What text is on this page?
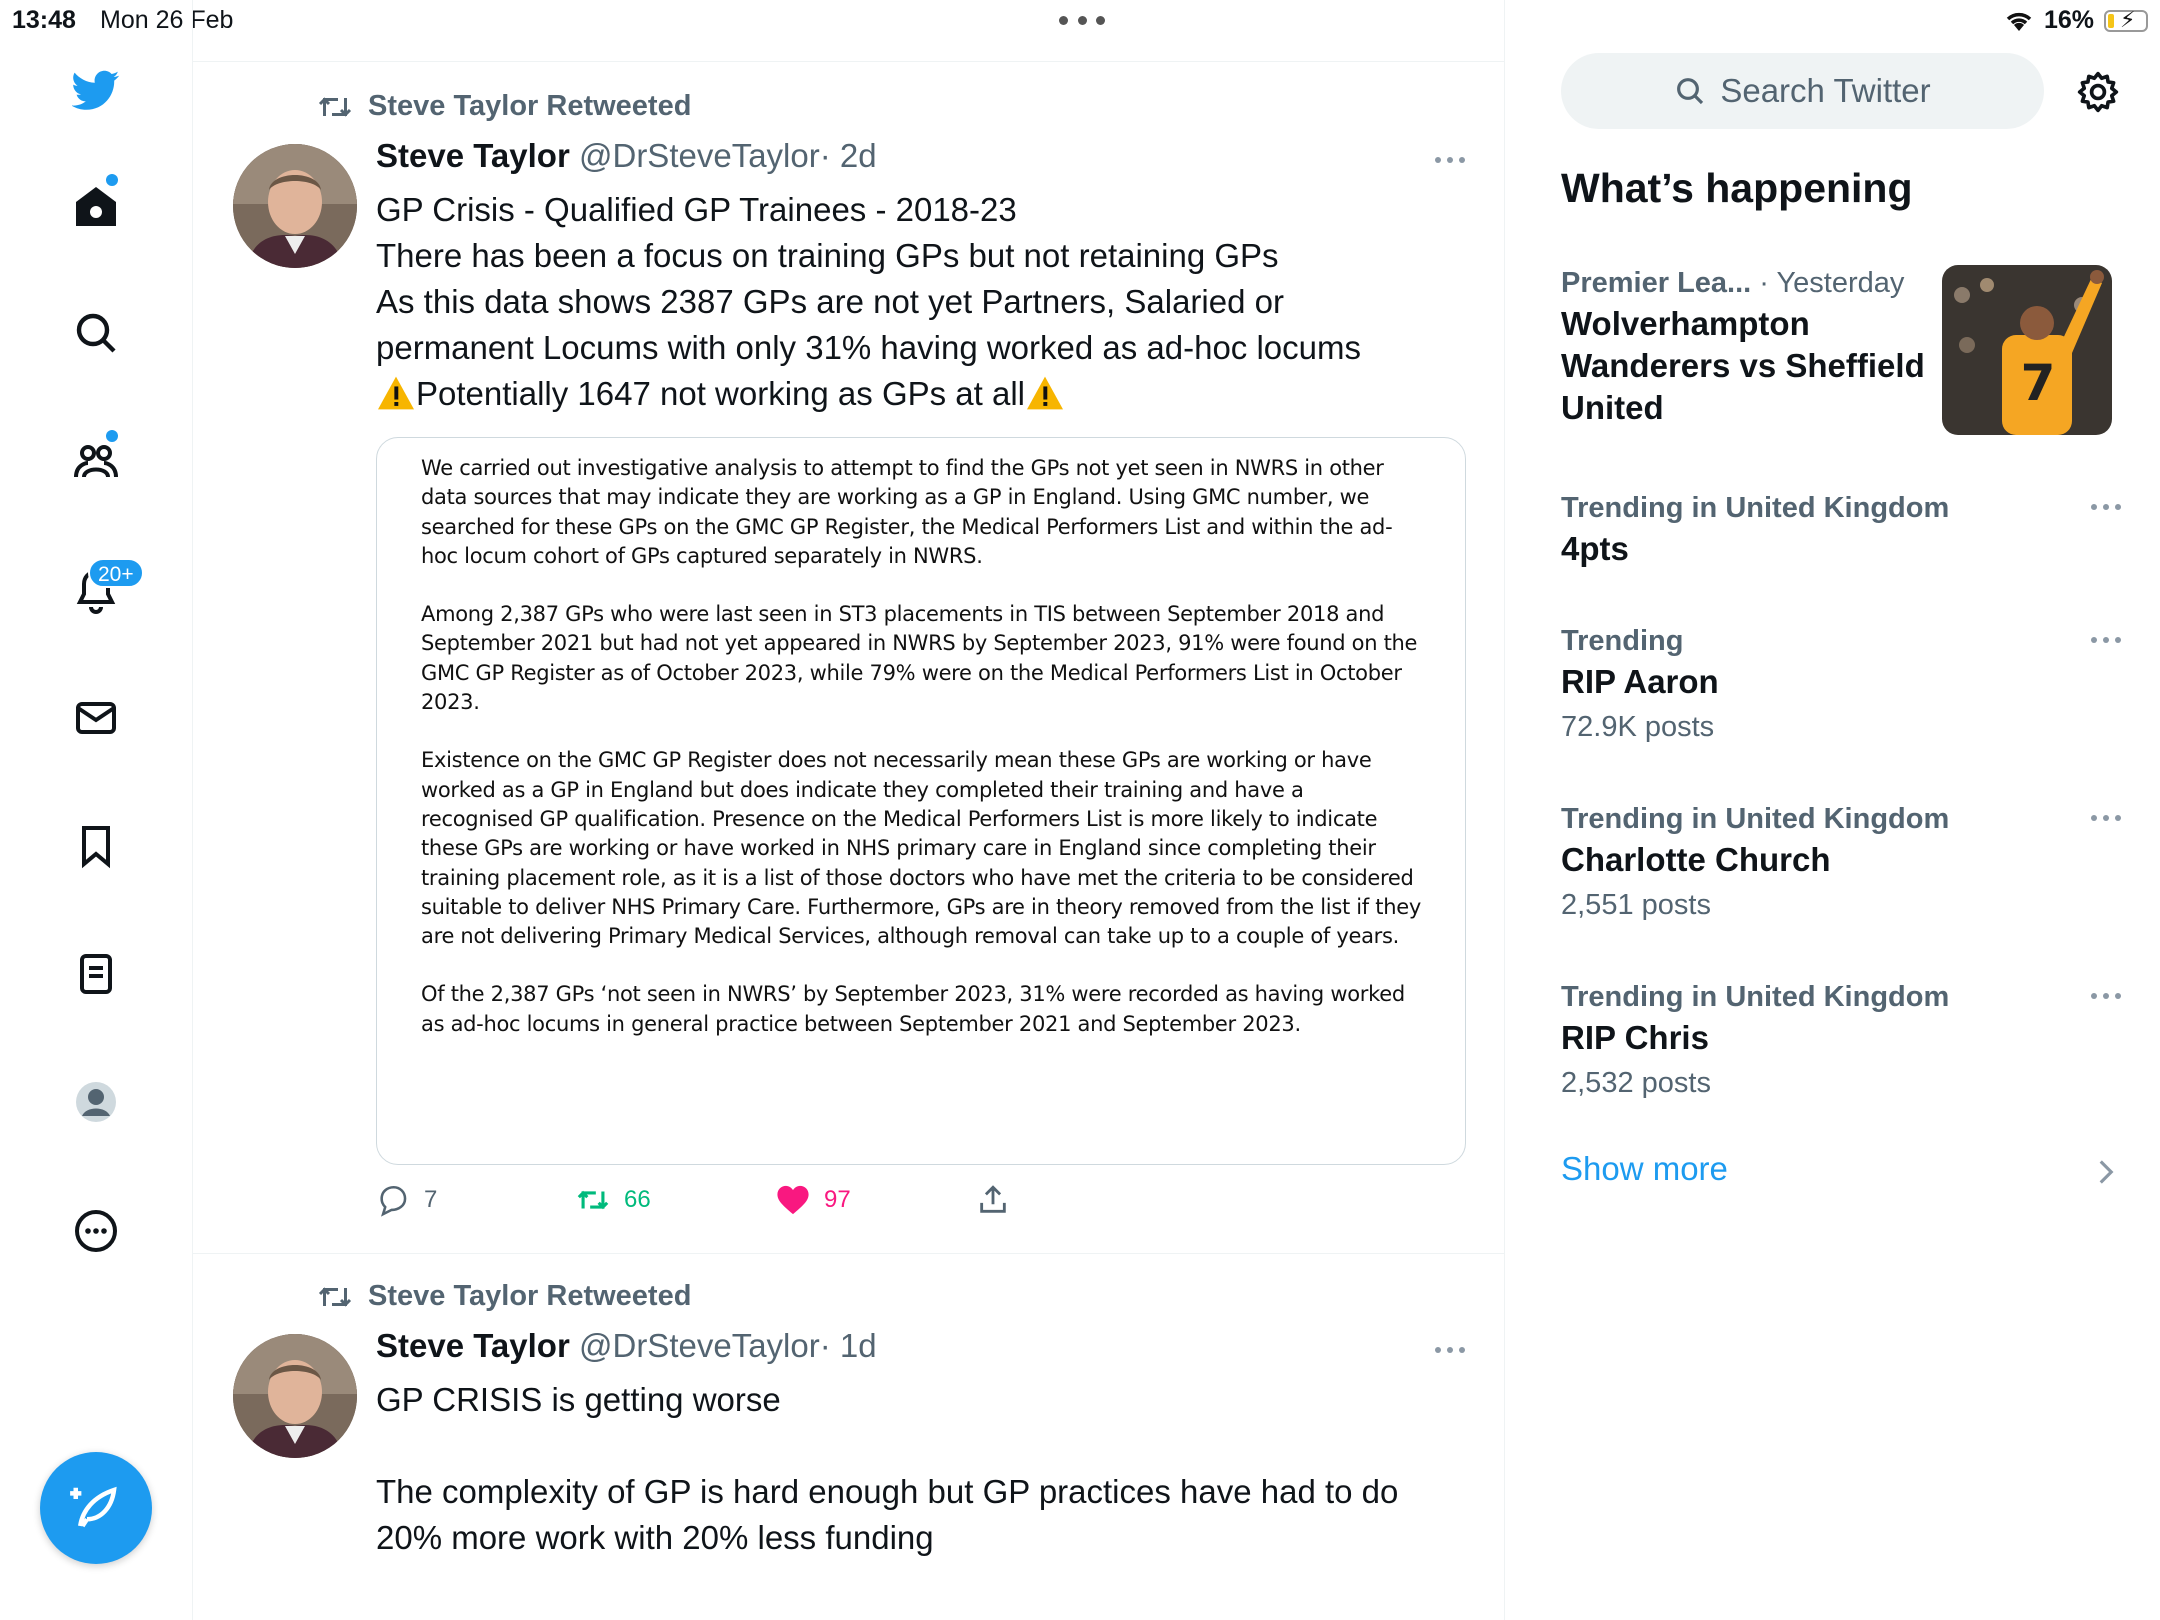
13:48 Mon 26 Feb	16% ⚡
20+
Steve Taylor Retweeted
Steve Taylor @DrSteveTaylor· 2d

GP Crisis - Qualified GP Trainees - 2018-23

There has been a focus on training GPs but not retaining GPs

As this data shows 2387 GPs are not yet Partners, Salaried or

permanent Locums with only 31% having worked as ad-hoc locums

Potentially 1647 not working as GPs at all

We carried out investigative analysis to attempt to find the GPs not yet seen in NWRS in other data sources that may indicate they are working as a GP in England. Using GMC number, we searched for these GPs on the GMC GP Register, the Medical Performers List and within the ad-hoc locum cohort of GPs captured separately in NWRS.

Among 2,387 GPs who were last seen in ST3 placements in TIS between September 2018 and September 2021 but had not yet appeared in NWRS by September 2023, 91% were found on the GMC GP Register as of October 2023, while 79% were on the Medical Performers List in October 2023.

Existence on the GMC GP Register does not necessarily mean these GPs are working or have worked as a GP in England but does indicate they completed their training and have a recognised GP qualification. Presence on the Medical Performers List is more likely to indicate these GPs are working or have worked in NHS primary care in England since completing their training placement role, as it is a list of those doctors who have met the criteria to be considered suitable to deliver NHS Primary Care. Furthermore, GPs are in theory removed from the list if they are not delivering Primary Medical Services, although removal can take up to a couple of years.

Of the 2,387 GPs ‘not seen in NWRS’ by September 2023, 31% were recorded as having worked as ad-hoc locums in general practice between September 2021 and September 2023.

7	66	97
Steve Taylor Retweeted
Steve Taylor @DrSteveTaylor· 1d

GP CRISIS is getting worse

The complexity of GP is hard enough but GP practices have had to do

20% more work with 20% less funding

Search Twitter
What’s happening
Premier Lea... · Yesterday
Wolverhampton Wanderers vs Sheffield United	7
Trending in United Kingdom
4pts
Trending
RIP Aaron
72.9K posts
Trending in United Kingdom
Charlotte Church
2,551 posts
Trending in United Kingdom
RIP Chris
2,532 posts
Show more
